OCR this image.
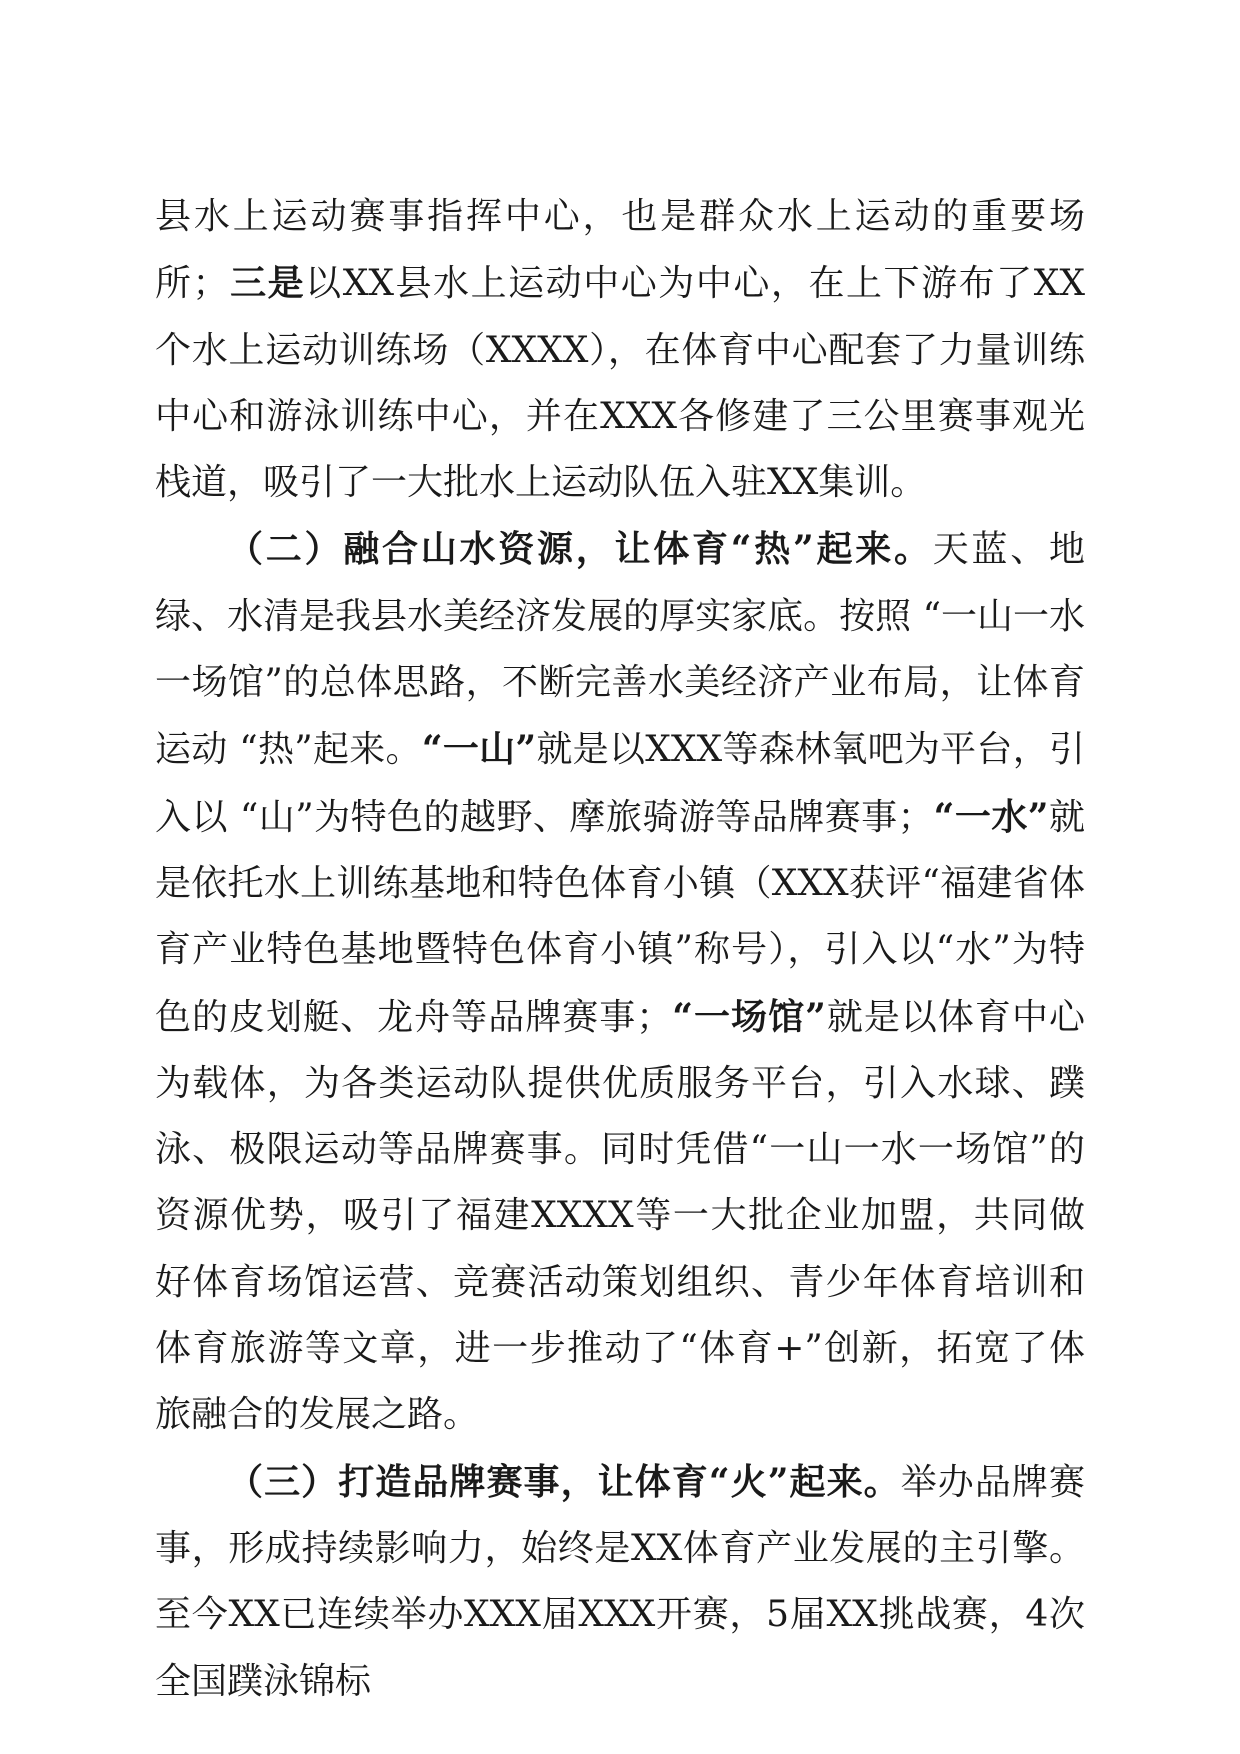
县水上运动赛事指挥中心，也是群众水上运动的重要场所；三是以XX县水上运动中心为中心，在上下游布了XX个水上运动训练场（XXXX），在体育中心配套了力量训练中心和游泳训练中心，并在XXX各修建了三公里赛事观光栈道，吸引了一大批水上运动队伍入驻XX集训。

（二）融合山水资源，让体育“热”起来。天蓝、地绿、水清是我县水美经济发展的厚实家底。按照 “一山一水一场馆”的总体思路，不断完善水美经济产业布局，让体育运动 “热”起来。“一山”就是以XXX等森林氧吧为平台，引入以 “山”为特色的越野、摩旅骑游等品牌赛事；“一水”就是依托水上训练基地和特色体育小镇（XXX获评“福建省体育产业特色基地暨特色体育小镇”称号），引入以“水”为特色的皮划艇、龙舟等品牌赛事；“一场馆”就是以体育中心为载体，为各类运动队提供优质服务平台，引入水球、蹼泳、极限运动等品牌赛事。同时凭借“一山一水一场馆”的资源优势，吸引了福建XXXX等一大批企业加盟，共同做好体育场馆运营、竞赛活动策划组织、青少年体育培训和体育旅游等文章，进一步推动了“体育+”创新，拓宽了体旅融合的发展之路。

（三）打造品牌赛事，让体育“火”起来。举办品牌赛事，形成持续影响力，始终是XX体育产业发展的主引擎。至今XX已连续举办XXX届XXX开赛，5届XX挑战赛，4次全国蹼泳锦标
